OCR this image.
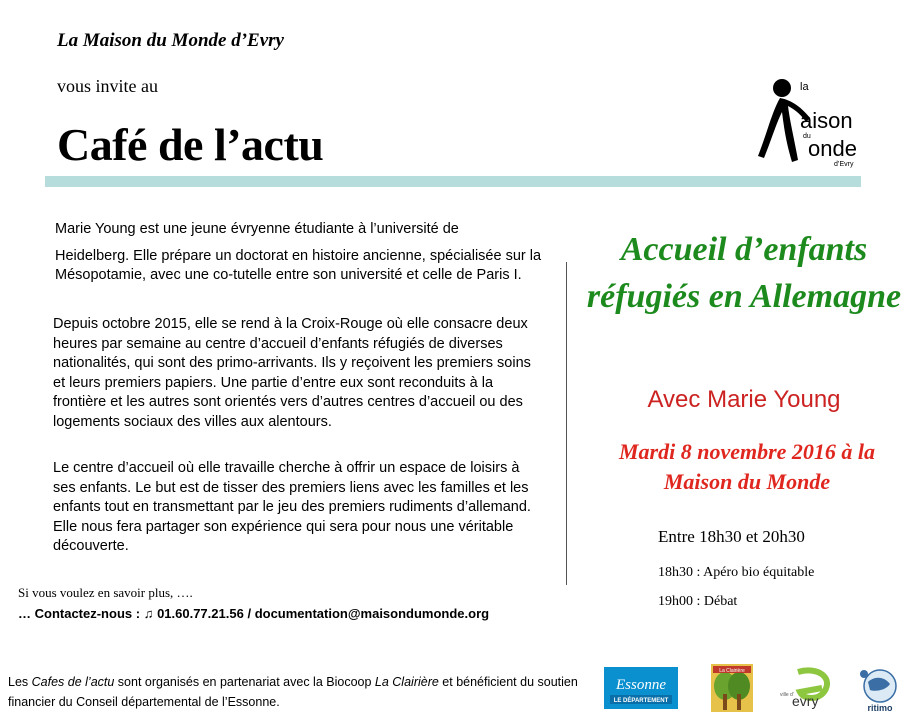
La Maison du Monde d’Evry
vous invite au
Café de l’actu
la
aison
du
onde
d’Evry
Marie Young est une jeune évryenne étudiante à l’université de
Heidelberg. Elle prépare un doctorat en histoire ancienne, spécialisée sur la Mésopotamie, avec une co-tutelle entre son université et celle de Paris I.
Depuis octobre 2015, elle se rend à la Croix-Rouge où elle consacre deux heures par semaine au centre d’accueil d’enfants réfugiés de diverses nationalités, qui sont des primo-arrivants. Ils y reçoivent les premiers soins et leurs premiers papiers. Une partie d’entre eux sont reconduits à la frontière et les autres sont orientés vers d’autres centres d’accueil ou des logements sociaux des villes aux alentours.
Le centre d’accueil où elle travaille cherche à offrir un espace de loisirs à ses enfants. Le but est de tisser des premiers liens avec les familles et les enfants tout en transmettant par le jeu des premiers rudiments d’allemand. Elle nous fera partager son expérience qui sera pour nous une véritable découverte.
Accueil d’enfants réfugiés en Allemagne
Avec Marie Young
Mardi 8 novembre 2016 à la Maison du Monde
Entre 18h30 et 20h30
18h30 : Apéro bio équitable
19h00 : Débat
Si vous voulez en savoir plus, ….
… Contactez-nous : ♫ 01.60.77.21.56 / documentation@maisondumonde.org
Les Cafes de l’actu sont organisés en partenariat avec la Biocoop La Clairière et bénéficient du soutien financier du Conseil départemental de l’Essonne.
Essonne
LE DÉPARTEMENT
La Clairière
ville d’
evry	ritimo
